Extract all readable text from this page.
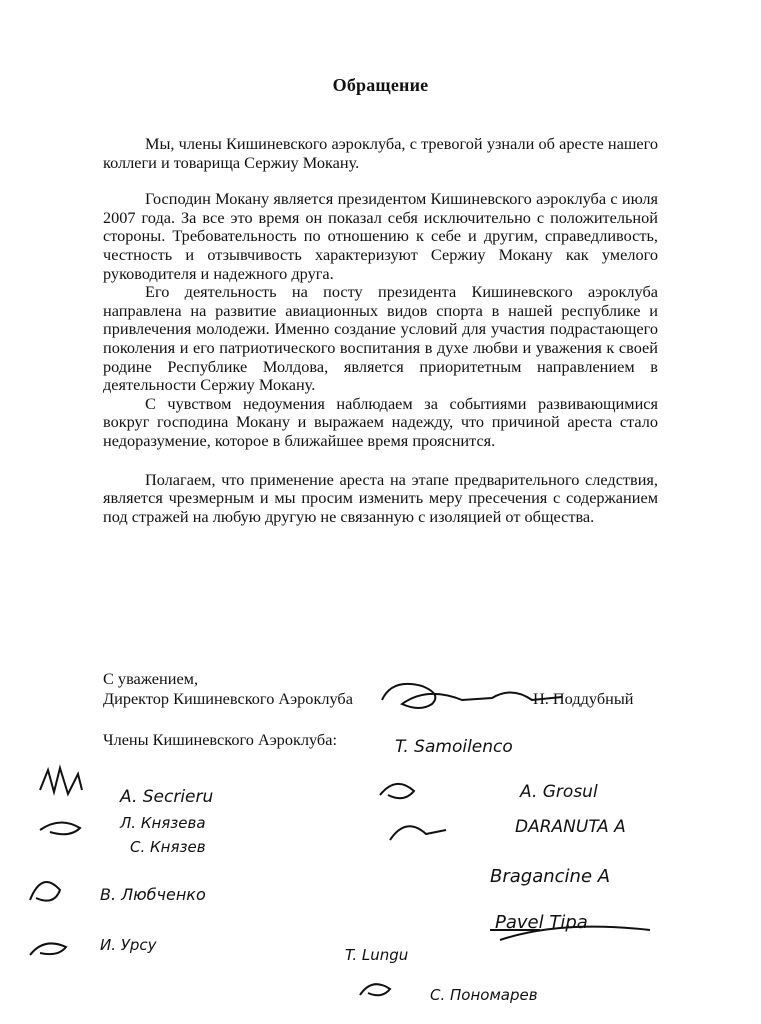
Обращение

Мы, члены Кишиневского аэроклуба, с тревогой узнали об аресте нашего коллеги и товарища Сержиу Мокану.

Господин Мокану является президентом Кишиневского аэроклуба с июля 2007 года. За все это время он показал себя исключительно с положительной стороны. Требовательность по отношению к себе и другим, справедливость, честность и отзывчивость характеризуют Сержиу Мокану как умелого руководителя и надежного друга.

Его деятельность на посту президента Кишиневского аэроклуба направлена на развитие авиационных видов спорта в нашей республике и привлечения молодежи. Именно создание условий для участия подрастающего поколения и его патриотического воспитания в духе любви и уважения к своей родине Республике Молдова, является приоритетным направлением в деятельности Сержиу Мокану.

С чувством недоумения наблюдаем за событиями развивающимися вокруг господина Мокану и выражаем надежду, что причиной ареста стало недоразумение, которое в ближайшее время прояснится.

Полагаем, что применение ареста на этапе предварительного следствия, является чрезмерным и мы просим изменить меру пресечения с содержанием под стражей на любую другую не связанную с изоляцией от общества.

С уважением,
Директор Кишиневского Аэроклуба	Н. Поддубный
Члены Кишиневского Аэроклуба:
A. Secrieru
Л. Князева
С. Князев
В. Любченко
И. Урсу
T. Samoilenco
A. Grosul
DARANUTA A
Bragancine A
Pavel Tipa
T. Lungu
С. Пономарев
